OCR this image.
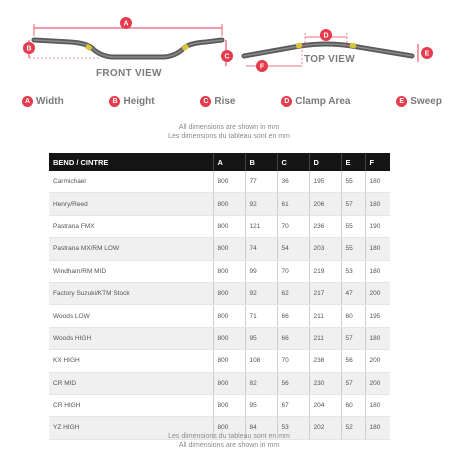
A
B
C
D
E
F
FRONT VIEW
TOP VIEW
A Width	B Height	C Rise	D Clamp Area	E Sweep
All dimensions are shown in mm
Les dimensions du tableau sont en mm
BEND / CINTRE	A	B	C	D	E	F
Carmichael	800	77	36	195	55	180
Henry/Reed	800	92	61	206	57	180
Pastrana FMX	800	121	70	236	55	190
Pastrana MX/RM LOW	800	74	54	203	55	180
Windham/RM MID	800	99	70	219	53	180
Factory Suzuki/KTM Stock	800	92	62	217	47	200
Woods LOW	800	71	66	211	60	195
Woods HIGH	800	95	66	211	57	180
KX HIGH	800	108	70	236	56	200
CR MID	800	82	56	230	57	200
CR HIGH	800	95	67	204	60	180
YZ HIGH	800	84	53	202	52	180
Les dimensions du tableau sont en mm
All dimensions are shown in mm
